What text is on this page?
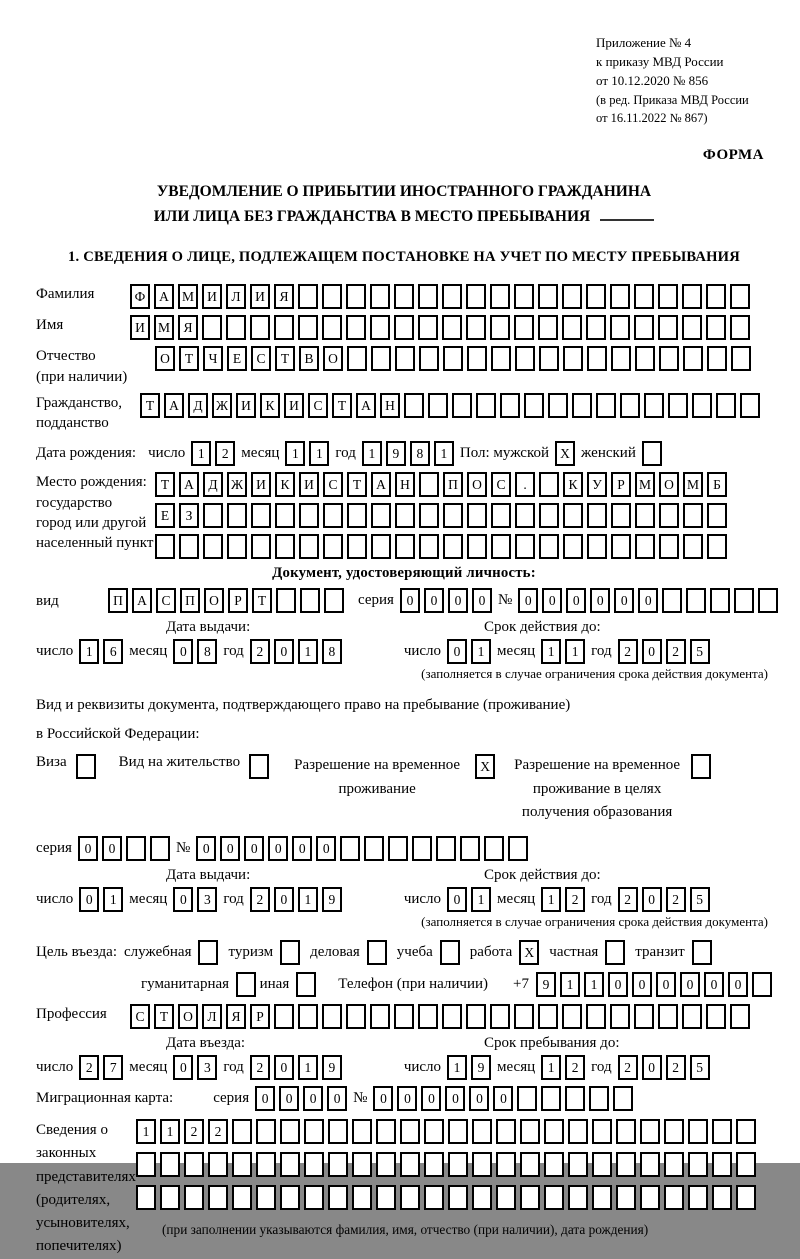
Приложение № 4
к приказу МВД России
от 10.12.2020 № 856
(в ред. Приказа МВД России
от 16.11.2022 № 867)
ФОРМА
УВЕДОМЛЕНИЕ О ПРИБЫТИИ ИНОСТРАННОГО ГРАЖДАНИНА
ИЛИ ЛИЦА БЕЗ ГРАЖДАНСТВА В МЕСТО ПРЕБЫВАНИЯ
1. СВЕДЕНИЯ О ЛИЦЕ, ПОДЛЕЖАЩЕМ ПОСТАНОВКЕ НА УЧЕТ ПО МЕСТУ ПРЕБЫВАНИЯ
Фамилия	Ф	А М И	Л	И	Я
Имя	И М Я
Отчество
(при наличии)
О	Т	Ч	Е	С	Т	В	О
Гражданство,
подданство
Т	А	Д Ж И	К	И	С	Т	А	Н
Дата рождения: число 1	2 месяц 1	1 год 1	9	8	1 Пол: мужской X женский
Место рождения:
государство
город или другой
населенный пункт
Т	А	Д Ж И	К	И	С	Т	А	Н	П	О	С	.	К	У	Р	М О М	Б
Е	З
Документ, удостоверяющий личность:
вид	П	А	С	П	О	Р	Т	серия 0	0	0	0 № 0	0	0	0	0	0
Дата выдачи:	Срок действия до:
число 1	6 месяц 0	8 год 2	0	1	8	число 0	1 месяц 1	1 год 2	0	2	5
(заполняется в случае ограничения срока действия документа)
Вид и реквизиты документа, подтверждающего право на пребывание (проживание)
в Российской Федерации:
Виза	Вид на жительство	Разрешение на временное проживание
X	Разрешение на временное проживание в целях получения образования
серия 0	0	№ 0	0	0	0	0	0
Дата выдачи:	Срок действия до:
число 0	1 месяц 0	3 год 2	0	1	9	число 0	1 месяц 1	2 год 2	0	2	5
(заполняется в случае ограничения срока действия документа)
Цель въезда: служебная туризм деловая учеба работа X	частная транзит
гуманитарная иная	Телефон (при наличии) +7	9	1	1	0	0	0	0	0	0
Профессия	С	Т	О	Л	Я	Р
Дата въезда:	Срок пребывания до:
число 2	7 месяц 0	3 год 2	0	1	9	число 1	9 месяц 1	2 год 2	0	2	5
Миграционная карта:	серия 0	0	0	0 № 0	0	0	0	0	0
Сведения о
законных
представителях
(родителях,
усыновителях,
попечителях)
1	1	2	2
(при заполнении указываются фамилия, имя, отчество (при наличии), дата рождения)
